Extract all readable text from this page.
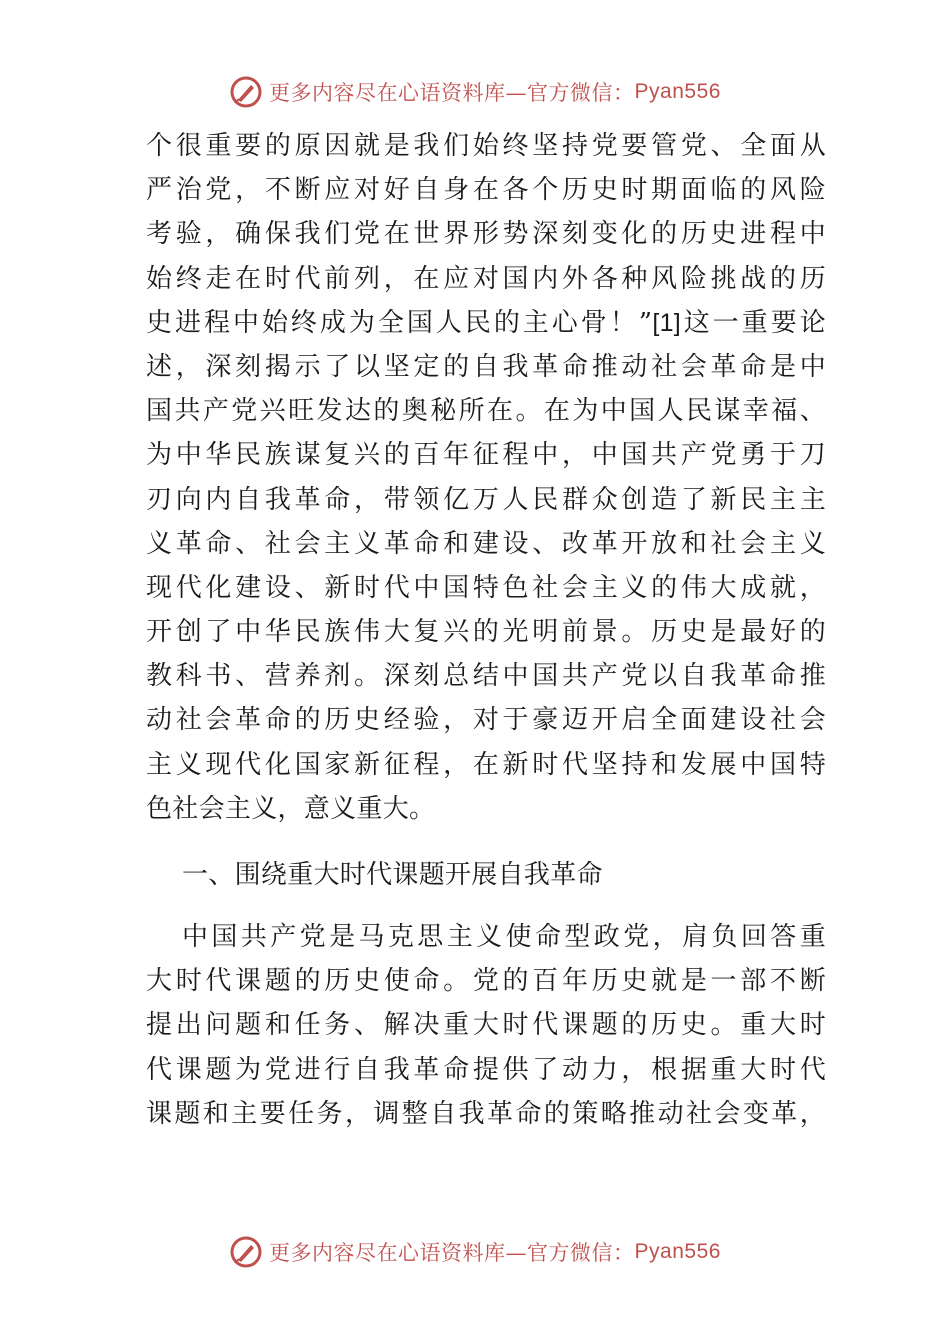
更多内容尽在心语资料库—官方微信： Pyan556
个很重要的原因就是我们始终坚持党要管党、全面从
严治党，不断应对好自身在各个历史时期面临的风险
考验，确保我们党在世界形势深刻变化的历史进程中
始终走在时代前列，在应对国内外各种风险挑战的历
史进程中始终成为全国人民的主心骨！”[1]这一重要论
述，深刻揭示了以坚定的自我革命推动社会革命是中
国共产党兴旺发达的奥秘所在。在为中国人民谋幸福、
为中华民族谋复兴的百年征程中，中国共产党勇于刀
刃向内自我革命，带领亿万人民群众创造了新民主主
义革命、社会主义革命和建设、改革开放和社会主义
现代化建设、新时代中国特色社会主义的伟大成就，
开创了中华民族伟大复兴的光明前景。历史是最好的
教科书、营养剂。深刻总结中国共产党以自我革命推
动社会革命的历史经验，对于豪迈开启全面建设社会
主义现代化国家新征程，在新时代坚持和发展中国特
色社会主义，意义重大。
一、围绕重大时代课题开展自我革命
中国共产党是马克思主义使命型政党，肩负回答重
大时代课题的历史使命。党的百年历史就是一部不断
提出问题和任务、解决重大时代课题的历史。重大时
代课题为党进行自我革命提供了动力，根据重大时代
课题和主要任务，调整自我革命的策略推动社会变革，
更多内容尽在心语资料库—官方微信： Pyan556
